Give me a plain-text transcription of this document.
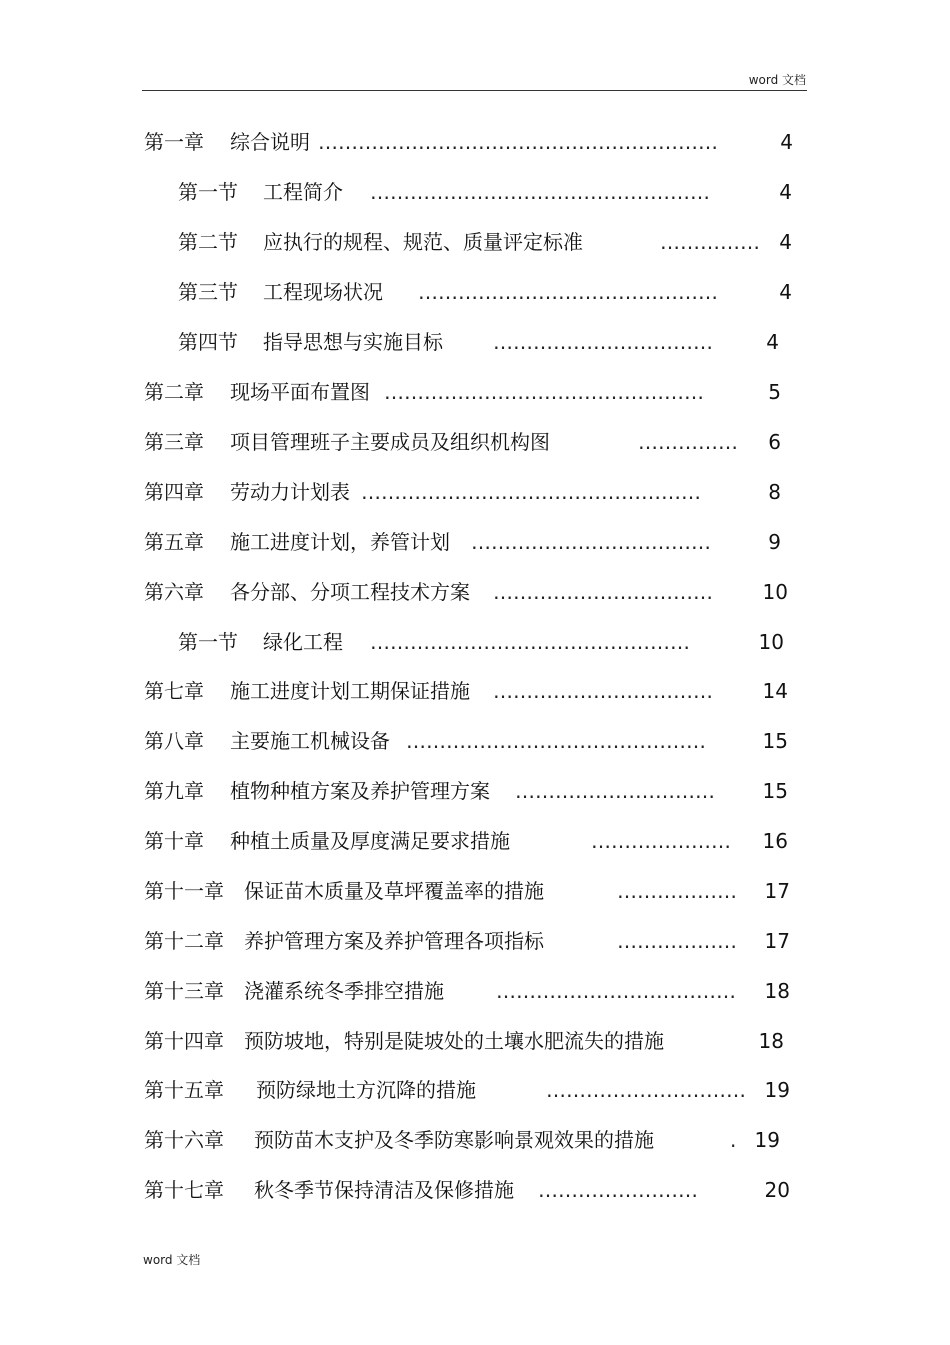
word 文档
第一章 综合说明 ……………………………………………………	4
第一节 工程简介 ……………………………………………	4
第二节 应执行的规程、规范、质量评定标准	…………… 4
第三节 工程现场状况 ………………………………………	4
第四节 指导思想与实施目标	……………………………	4
第二章 现场平面布置图 …………………………………………	5
第三章 项目管理班子主要成员及组织机构图	……………	6
第四章 劳动力计划表 ……………………………………………	8
第五章 施工进度计划，养管计划 ………………………………	9
第六章 各分部、分项工程技术方案 ……………………………	10
第一节 绿化工程 …………………………………………	10
第七章 施工进度计划工期保证措施 ……………………………	14
第八章 主要施工机械设备 ………………………………………	15
第九章 植物种植方案及养护管理方案 …………………………	15
第十章 种植土质量及厚度满足要求措施	…………………	16
第十一章 保证苗木质量及草坪覆盖率的措施	………………	17
第十二章 养护管理方案及养护管理各项指标	………………	17
第十三章 浇灌系统冬季排空措施	………………………………	18
第十四章 预防坡地，特别是陡坡处的土壤水肥流失的措施	18
第十五章 预防绿地土方沉降的措施	………………………… 19
第十六章 预防苗木支护及冬季防寒影响景观效果的措施	. 19
第十七章 秋冬季节保持清洁及保修措施 ……………………	20
word 文档
